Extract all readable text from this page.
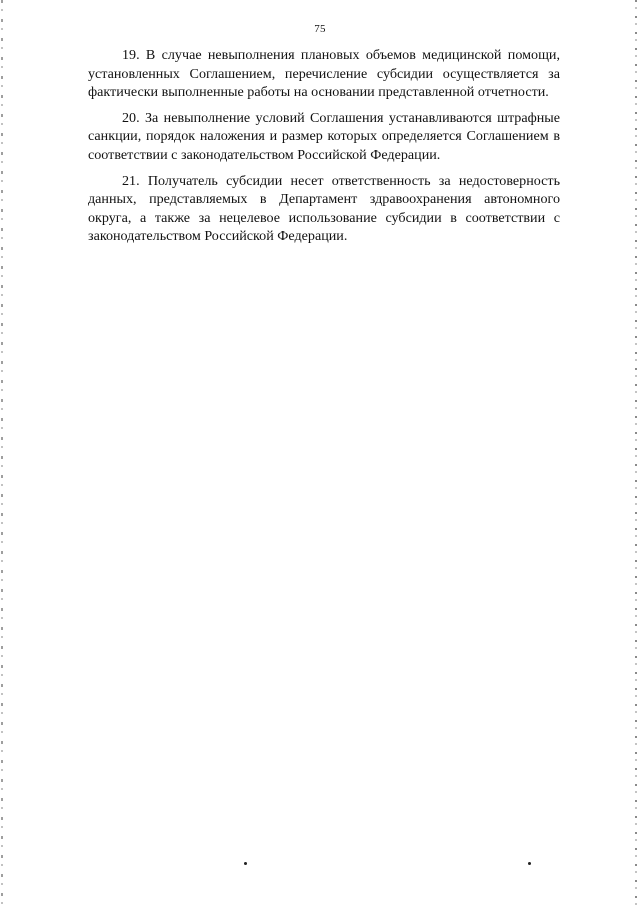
75

19. В случае невыполнения плановых объемов медицинской помощи, установленных Соглашением, перечисление субсидии осуществляется за фактически выполненные работы на основании представленной отчетности.

20. За невыполнение условий Соглашения устанавливаются штрафные санкции, порядок наложения и размер которых определяется Соглашением в соответствии с законодательством Российской Федерации.

21. Получатель субсидии несет ответственность за недостоверность данных, представляемых в Департамент здравоохранения автономного округа, а также за нецелевое использование субсидии в соответствии с законодательством Российской Федерации.
